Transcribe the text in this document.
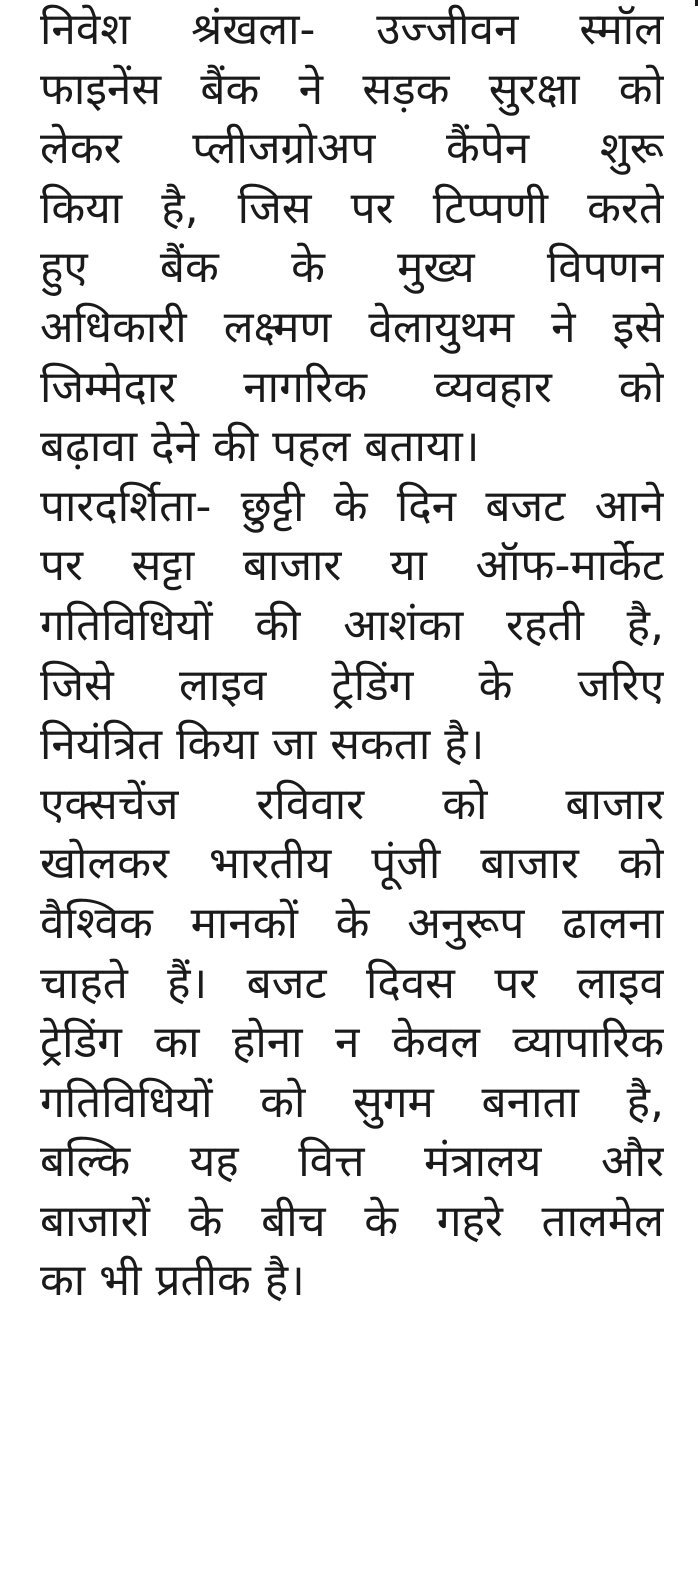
निवेश श्रंखला- उज्जीवन स्मॉल
फाइनेंस बैंक ने सड़क सुरक्षा को
लेकर प्लीजग्रोअप कैंपेन शुरू
किया है, जिस पर टिप्पणी करते
हुए बैंक के मुख्य विपणन
अधिकारी लक्ष्मण वेलायुथम ने इसे
जिम्मेदार नागरिक व्यवहार को
बढ़ावा देने की पहल बताया।
पारदर्शिता- छुट्टी के दिन बजट आने
पर सट्टा बाजार या ऑफ-मार्केट
गतिविधियों की आशंका रहती है,
जिसे लाइव ट्रेडिंग के जरिए
नियंत्रित किया जा सकता है।
एक्सचेंज रविवार को बाजार
खोलकर भारतीय पूंजी बाजार को
वैश्विक मानकों के अनुरूप ढालना
चाहते हैं। बजट दिवस पर लाइव
ट्रेडिंग का होना न केवल व्यापारिक
गतिविधियों को सुगम बनाता है,
बल्कि यह वित्त मंत्रालय और
बाजारों के बीच के गहरे तालमेल
का भी प्रतीक है।
